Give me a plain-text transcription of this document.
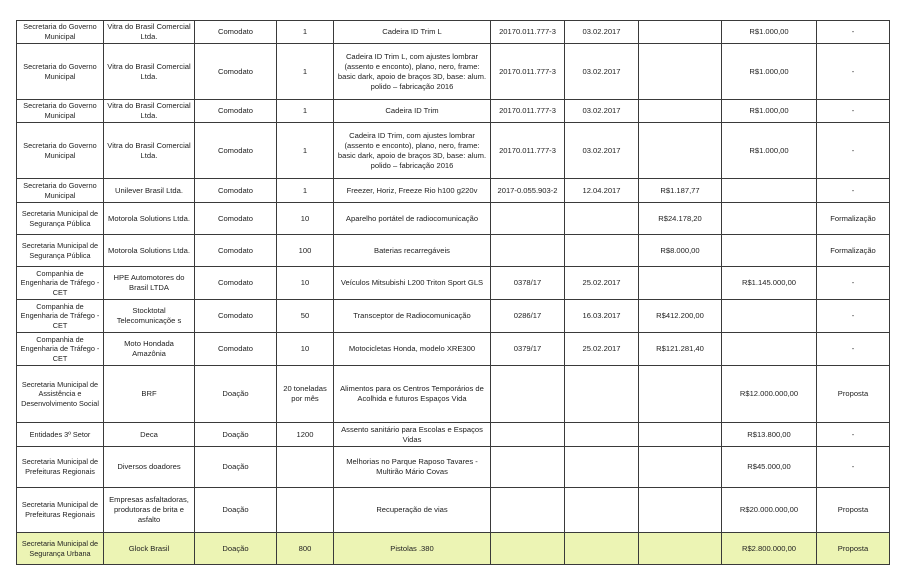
Secretaria do Governo Municipal	Vitra do Brasil Comercial Ltda.	Comodato	1	Cadeira ID Trim L	20170.011.777-3	03.02.2017		R$1.000,00	-
Secretaria do Governo Municipal	Vitra do Brasil Comercial Ltda.	Comodato	1	Cadeira ID Trim L, com ajustes lombrar (assento e enconto), plano, nero, frame: basic dark, apoio de braços 3D, base: alum. polido – fabricação 2016	20170.011.777-3	03.02.2017		R$1.000,00	-
Secretaria do Governo Municipal	Vitra do Brasil Comercial Ltda.	Comodato	1	Cadeira ID Trim	20170.011.777-3	03.02.2017		R$1.000,00	-
Secretaria do Governo Municipal	Vitra do Brasil Comercial Ltda.	Comodato	1	Cadeira ID Trim, com ajustes lombrar (assento e enconto), plano, nero, frame: basic dark, apoio de braços 3D, base: alum. polido – fabricação 2016	20170.011.777-3	03.02.2017		R$1.000,00	-
Secretaria do Governo Municipal	Unilever Brasil Ltda.	Comodato	1	Freezer, Horiz, Freeze Rio h100 g220v	2017-0.055.903-2	12.04.2017	R$1.187,77		-
Secretaria Municipal de Segurança Pública	Motorola Solutions Ltda.	Comodato	10	Aparelho portátel de radiocomunicação			R$24.178,20		Formalização
Secretaria Municipal de Segurança Pública	Motorola Solutions Ltda.	Comodato	100	Baterias recarregáveis			R$8.000,00		Formalização
Companhia de Engenharia de Tráfego - CET	HPE Automotores do Brasil LTDA	Comodato	10	Veículos Mitsubishi L200 Triton Sport GLS	0378/17	25.02.2017		R$1.145.000,00	-
Companhia de Engenharia de Tráfego - CET	Stocktotal Telecomunicaçõe s	Comodato	50	Transceptor de Radiocomunicação	0286/17	16.03.2017	R$412.200,00		-
Companhia de Engenharia de Tráfego - CET	Moto Hondada Amazônia	Comodato	10	Motocicletas Honda, modelo XRE300	0379/17	25.02.2017	R$121.281,40		-
Secretaria Municipal de Assistência e Desenvolvimento Social	BRF	Doação	20 toneladas por mês	Alimentos para os Centros Temporários de Acolhida e futuros Espaços Vida				R$12.000.000,00	Proposta
Entidades 3º Setor	Deca	Doação	1200	Assento sanitário para Escolas e Espaços Vidas				R$13.800,00	-
Secretaria Municipal de Prefeituras Regionais	Diversos doadores	Doação		Melhorias no Parque Raposo Tavares - Multirão Mário Covas				R$45.000,00	-
Secretaria Municipal de Prefeituras Regionais	Empresas asfaltadoras, produtoras de brita e asfalto	Doação		Recuperação de vias				R$20.000.000,00	Proposta
Secretaria Municipal de Segurança Urbana	Glock Brasil	Doação	800	Pistolas .380				R$2.800.000,00	Proposta
